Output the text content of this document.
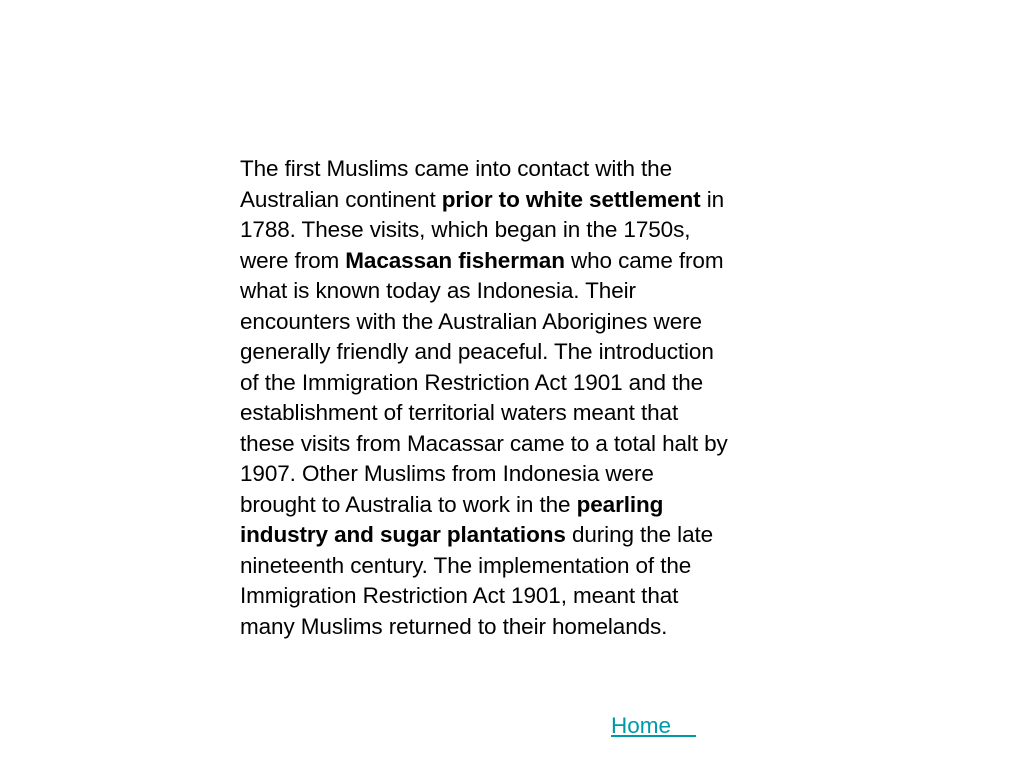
The first Muslims came into contact with the
Australian continent prior to white settlement in
1788. These visits, which began in the 1750s,
were from Macassan fisherman who came from
what is known today as Indonesia. Their
encounters with the Australian Aborigines were
generally friendly and peaceful. The introduction
of the Immigration Restriction Act 1901 and the
establishment of territorial waters meant that
these visits from Macassar came to a total halt by
1907. Other Muslims from Indonesia were
brought to Australia to work in the pearling
industry and sugar plantations during the late
nineteenth century. The implementation of the
Immigration Restriction Act 1901, meant that
many Muslims returned to their homelands.

Home
